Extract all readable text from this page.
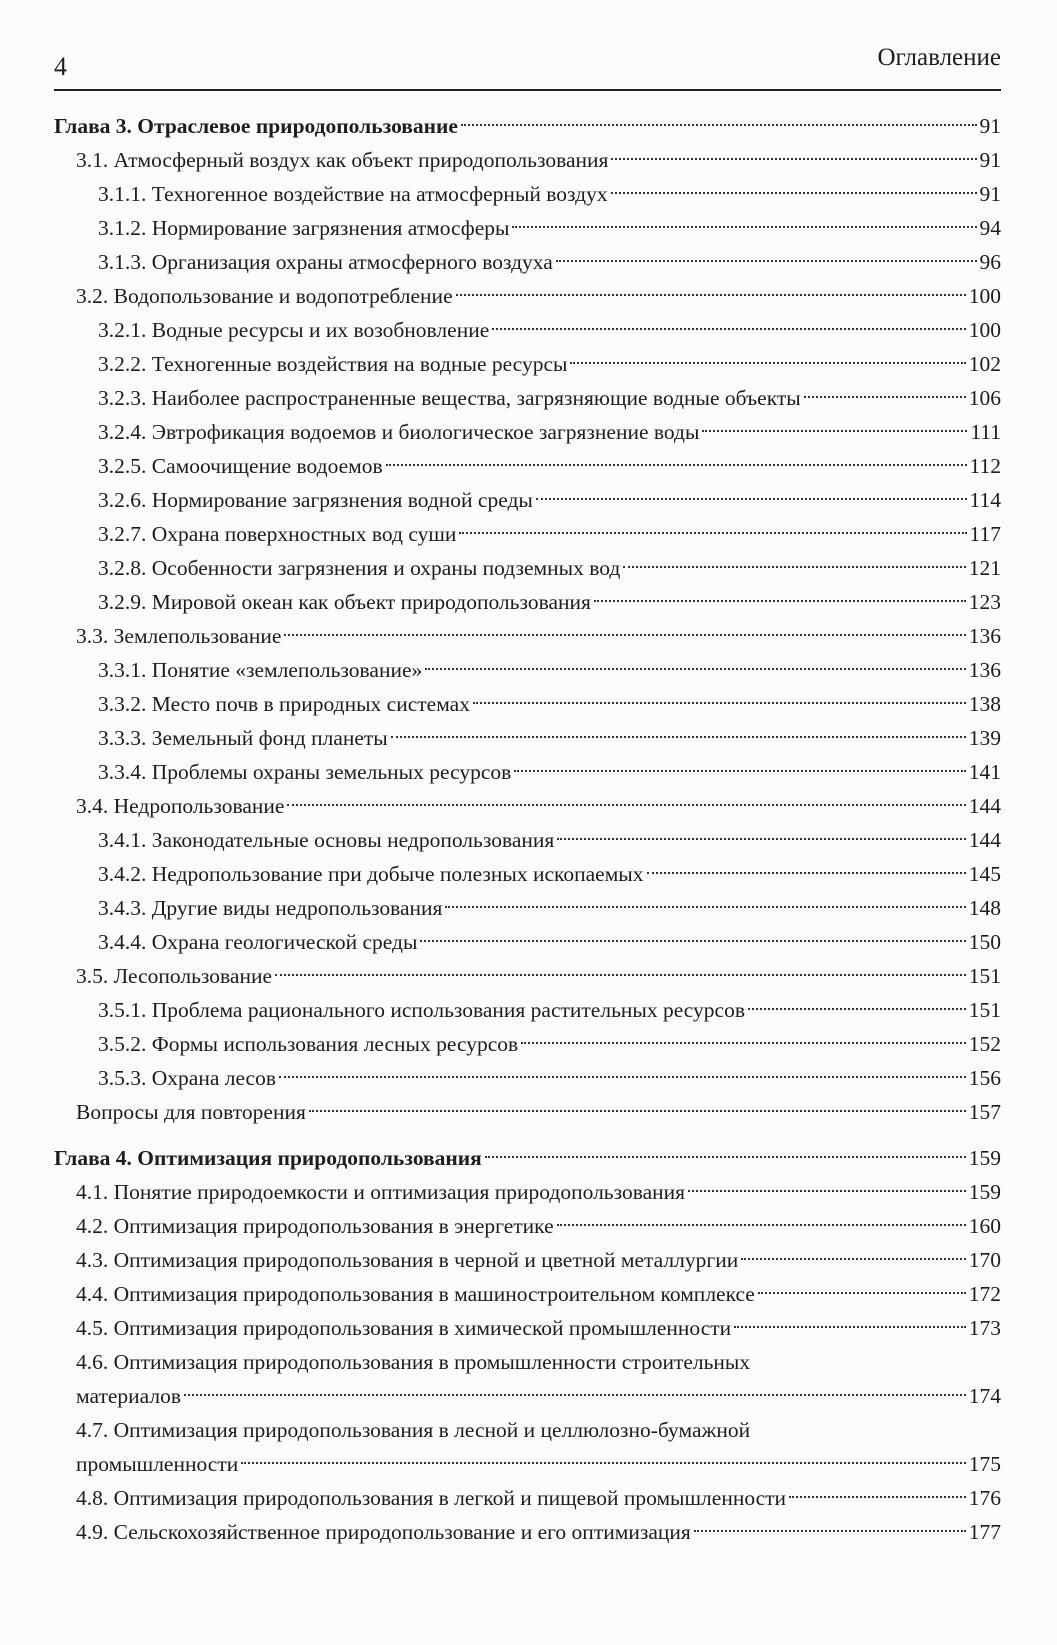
4	Оглавление
Глава 3. Отраслевое природопользование	91
3.1. Атмосферный воздух как объект природопользования	91
3.1.1. Техногенное воздействие на атмосферный воздух	91
3.1.2. Нормирование загрязнения атмосферы	94
3.1.3. Организация охраны атмосферного воздуха	96
3.2. Водопользование и водопотребление	100
3.2.1. Водные ресурсы и их возобновление	100
3.2.2. Техногенные воздействия на водные ресурсы	102
3.2.3. Наиболее распространенные вещества, загрязняющие водные объекты	106
3.2.4. Эвтрофикация водоемов и биологическое загрязнение воды	111
3.2.5. Самоочищение водоемов	112
3.2.6. Нормирование загрязнения водной среды	114
3.2.7. Охрана поверхностных вод суши	117
3.2.8. Особенности загрязнения и охраны подземных вод	121
3.2.9. Мировой океан как объект природопользования	123
3.3. Землепользование	136
3.3.1. Понятие «землепользование»	136
3.3.2. Место почв в природных системах	138
3.3.3. Земельный фонд планеты	139
3.3.4. Проблемы охраны земельных ресурсов	141
3.4. Недропользование	144
3.4.1. Законодательные основы недропользования	144
3.4.2. Недропользование при добыче полезных ископаемых	145
3.4.3. Другие виды недропользования	148
3.4.4. Охрана геологической среды	150
3.5. Лесопользование	151
3.5.1. Проблема рационального использования растительных ресурсов	151
3.5.2. Формы использования лесных ресурсов	152
3.5.3. Охрана лесов	156
Вопросы для повторения	157
Глава 4. Оптимизация природопользования	159
4.1. Понятие природоемкости и оптимизация природопользования	159
4.2. Оптимизация природопользования в энергетике	160
4.3. Оптимизация природопользования в черной и цветной металлургии	170
4.4. Оптимизация природопользования в машиностроительном комплексе	172
4.5. Оптимизация природопользования в химической промышленности	173
4.6. Оптимизация природопользования в промышленности строительных
материалов	174
4.7. Оптимизация природопользования в лесной и целлюлозно-бумажной
промышленности	175
4.8. Оптимизация природопользования в легкой и пищевой промышленности	176
4.9. Сельскохозяйственное природопользование и его оптимизация	177
